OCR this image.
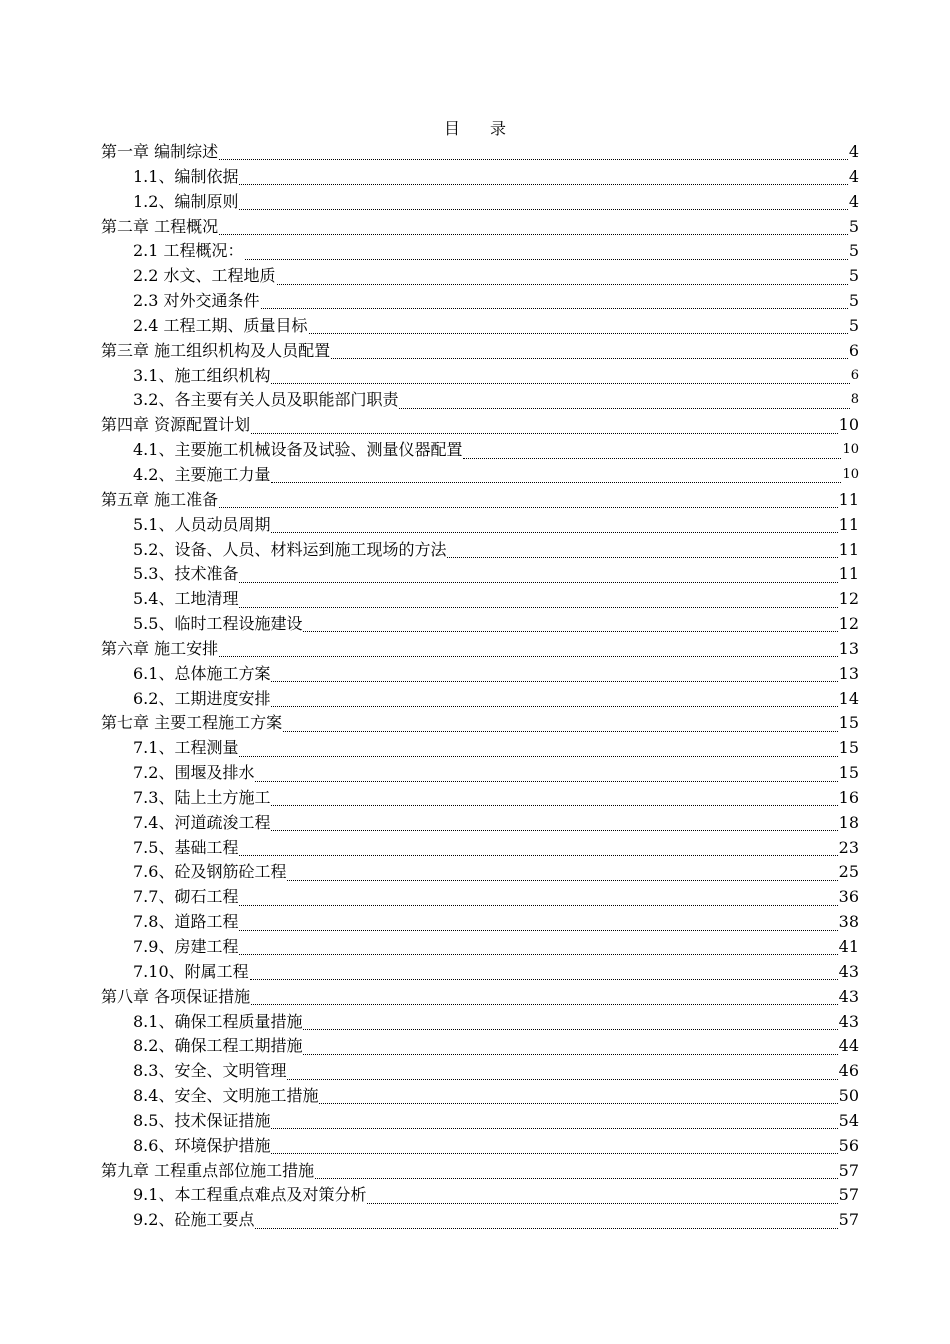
目 录
第一章 编制综述	4
1.1、编制依据	4
1.2、编制原则	4
第二章 工程概况	5
2.1 工程概况：	5
2.2 水文、工程地质	5
2.3 对外交通条件	5
2.4 工程工期、质量目标	5
第三章 施工组织机构及人员配置	6
3.1、施工组织机构	6
3.2、各主要有关人员及职能部门职责	8
第四章 资源配置计划	10
4.1、主要施工机械设备及试验、测量仪器配置	10
4.2、主要施工力量	10
第五章 施工准备	11
5.1、人员动员周期	11
5.2、设备、人员、材料运到施工现场的方法	11
5.3、技术准备	11
5.4、工地清理	12
5.5、临时工程设施建设	12
第六章 施工安排	13
6.1、总体施工方案	13
6.2、工期进度安排	14
第七章 主要工程施工方案	15
7.1、工程测量	15
7.2、围堰及排水	15
7.3、陆上土方施工	16
7.4、河道疏浚工程	18
7.5、基础工程	23
7.6、砼及钢筋砼工程	25
7.7、砌石工程	36
7.8、道路工程	38
7.9、房建工程	41
7.10、附属工程	43
第八章 各项保证措施	43
8.1、确保工程质量措施	43
8.2、确保工程工期措施	44
8.3、安全、文明管理	46
8.4、安全、文明施工措施	50
8.5、技术保证措施	54
8.6、环境保护措施	56
第九章 工程重点部位施工措施	57
9.1、本工程重点难点及对策分析	57
9.2、砼施工要点	57
